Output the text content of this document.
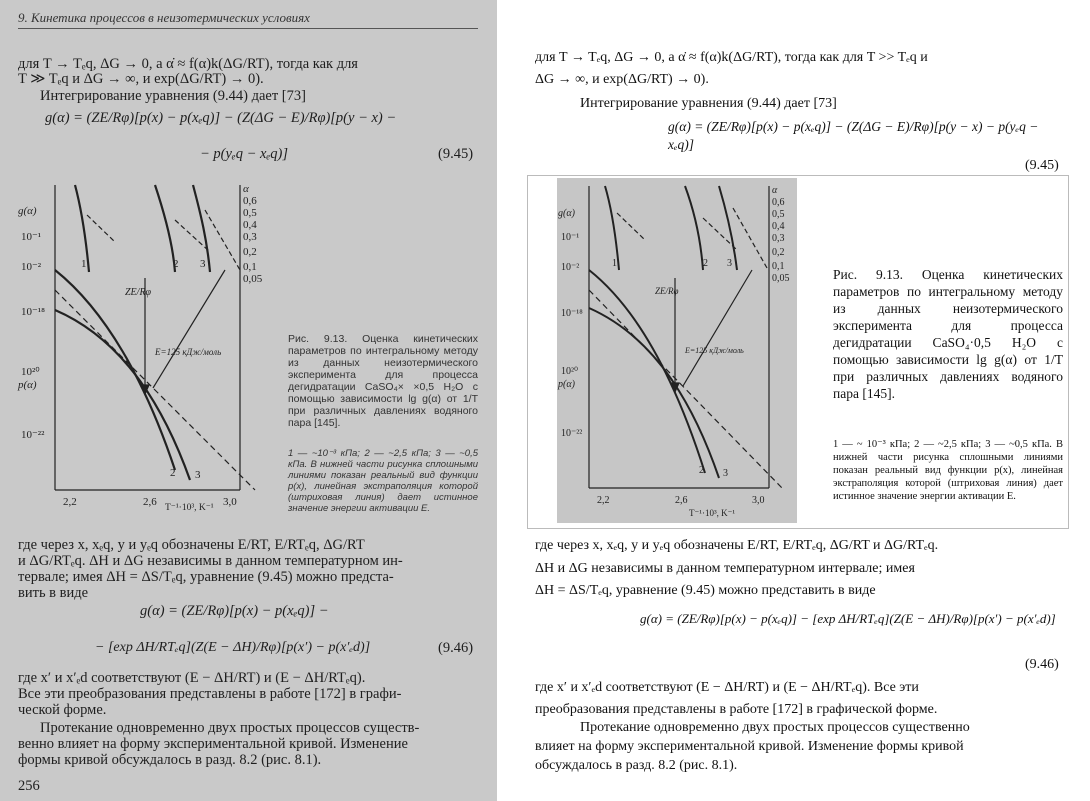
9. Кинетика процессов в неизотермических условиях
для T → Tₑq, ΔG → 0, а α̇ ≈ f(α)k(ΔG/RT), тогда как для
T ≫ Tₑq и ΔG → ∞, и exp(ΔG/RT) → 0).
Интегрирование уравнения (9.44) дает [73]
g(α) = (ZE/Rφ)[p(x) − p(xₑq)] − (Z(ΔG − E)/Rφ)[p(y − x) −
− p(yₑq − xₑq)]	(9.45)
g(α)
10⁻¹
10⁻²
10⁻¹⁸
10²⁰
p(α)
10⁻²²
α
0,6
0,5
0,4
0,3
0,2
0,1
0,05
1	2 3
2 3
ZE/Rφ
E=125 кДж/моль
2,2	2,6	3,0
T⁻¹·10³, K⁻¹
Рис. 9.13. Оценка кинетических параметров по интегральному методу из данных неизотермического эксперимента для процесса дегидратации CaSO₄× ×0,5 H₂O с помощью зависимости lg g(α) от 1/T при различных давлениях водяного пара [145].
1 — ~10⁻³ кПа; 2 — ~2,5 кПа; 3 — ~0,5 кПа. В нижней части рисунка сплошными линиями показан реальный вид функции p(x), линейная экстраполяция которой (штриховая линия) дает истинное значение энергии активации E.
где через x, xₑq, y и yₑq обозначены E/RT, E/RTₑq, ΔG/RT
и ΔG/RTₑq. ΔH и ΔG независимы в данном температурном ин-
тервале; имея ΔH = ΔS/Tₑq, уравнение (9.45) можно предста-
вить в виде
g(α) = (ZE/Rφ)[p(x) − p(xₑq)] −
− [exp ΔH/RTₑq](Z(E − ΔH)/Rφ)[p(x′) − p(x′ₑd)]	(9.46)
где x′ и x′ₑd соответствуют (E − ΔH/RT) и (E − ΔH/RTₑq).
Все эти преобразования представлены в работе [172] в графи-
ческой форме.
Протекание одновременно двух простых процессов существ-
венно влияет на форму экспериментальной кривой. Изменение
формы кривой обсуждалось в разд. 8.2 (рис. 8.1).
256
для T → Tₑq, ΔG → 0, а α̇ ≈ f(α)k(ΔG/RT), тогда как для T >> Tₑq и
ΔG → ∞, и exp(ΔG/RT) → 0).
Интегрирование уравнения (9.44) дает [73]
g(α) = (ZE/Rφ)[p(x) − p(xₑq)] − (Z(ΔG − E)/Rφ)[p(y − x) − p(yₑq − xₑq)]
(9.45)
g(α)
10⁻¹
10⁻²
10⁻¹⁸
10²⁰
p(α)
10⁻²²
α
0,6
0,5
0,4
0,3
0,2
0,1
0,05
1	2 3
2 3
ZE/Rφ
E=125 кДж/моль
2,2	2,6	3,0
T⁻¹·10³, K⁻¹
Рис. 9.13. Оценка кинетических параметров по интегральному методу из данных неизотермического эксперимента для процесса дегидратации CaSO₄·0,5 H₂O с помощью зависимости lg g(α) от 1/T при различных давлениях водяного пара [145].
1 — ~ 10⁻³ кПа; 2 — ~2,5 кПа; 3 — ~0,5 кПа. В нижней части рисунка сплошными линиями показан реальный вид функции p(x), линейная экстраполяция которой (штриховая линия) дает истинное значение энергии активации E.
где через x, xₑq, y и yₑq обозначены E/RT, E/RTₑq, ΔG/RT и ΔG/RTₑq.
ΔH и ΔG независимы в данном температурном интервале; имея
ΔH = ΔS/Tₑq, уравнение (9.45) можно представить в виде
g(α) = (ZE/Rφ)[p(x) − p(xₑq)] − [exp ΔH/RTₑq](Z(E − ΔH)/Rφ)[p(x′) − p(x′ₑd)]
(9.46)
где x′ и x′ₑd соответствуют (E − ΔH/RT) и (E − ΔH/RTₑq). Все эти
преобразования представлены в работе [172] в графической форме.
Протекание одновременно двух простых процессов существенно
влияет на форму экспериментальной кривой. Изменение формы кривой
обсуждалось в разд. 8.2 (рис. 8.1).
